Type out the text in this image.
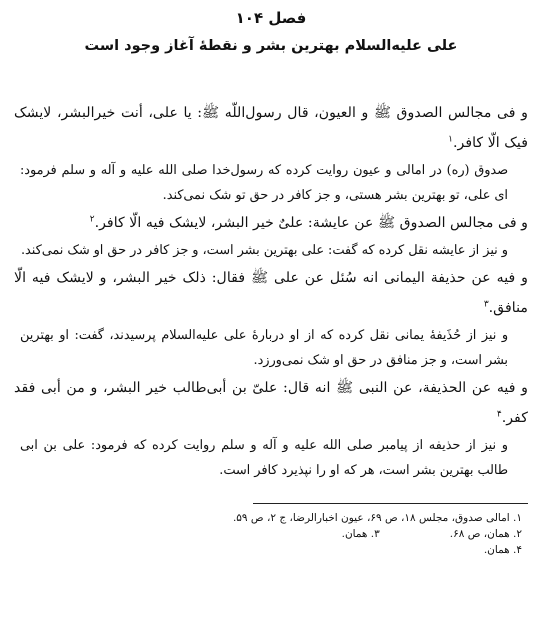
فصل ۱۰۴
علی علیه‌السلام بهترین بشر و نقطهٔ آغاز وجود است

و فی مجالس الصدوق ﷺ و العیون، قال رسول‌اللّه ﷺ: یا علی، أنت خیرالبشر، لایشک فیک الّا کافر.$^۱$

صدوق (ره) در امالی و عیون روایت کرده که رسول‌خدا صلی الله علیه و آله و سلم فرمود: ای علی، تو بهترین بشر هستی، و جز کافر در حق تو شک نمی‌کند.

و فی مجالس الصدوق ﷺ عن عایشة: علیٌ خیر البشر، لایشک فیه الّا کافر.$^۲$

و نیز از عایشه نقل کرده که گفت: علی بهترین بشر است، و جز کافر در حق او شک نمی‌کند.

و فیه عن حذیفة الیمانی انه سُئل عن علی ﷺ فقال: ذلک خیر البشر، و لایشک فیه الّا منافق.$^۳$

و نیز از حُذَیفهٔ یمانی نقل کرده که از او دربارهٔ علی علیه‌السلام پرسیدند، گفت: او بهترین بشر است، و جز منافق در حق او شک نمی‌ورزد.

و فیه عن الحذیفة، عن النبی ﷺ انه قال: علیّ بن أبی‌طالب خیر البشر، و من أبی فقد کفر.$^۴$

و نیز از حذیفه از پیامبر صلی الله علیه و آله و سلم روایت کرده که فرمود: علی بن ابی طالب بهترین بشر است، هر که او را نپذیرد کافر است.

۱. امالی صدوق، مجلس ۱۸، ص ۶۹، عیون اخبارالرضا، ج ۲، ص ۵۹.
۲. همان، ص ۶۸.۳. همان.
۴. همان.
